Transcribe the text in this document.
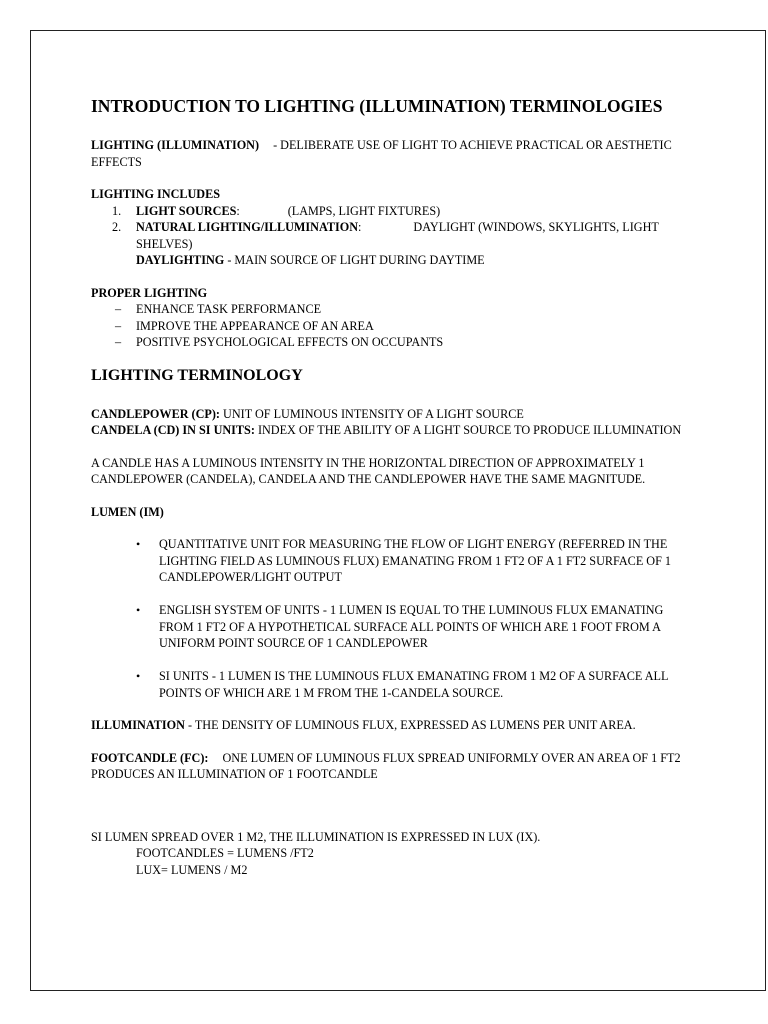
INTRODUCTION TO LIGHTING (ILLUMINATION) TERMINOLOGIES

LIGHTING (ILLUMINATION) - DELIBERATE USE OF LIGHT TO ACHIEVE PRACTICAL OR AESTHETIC EFFECTS

LIGHTING INCLUDES

1. LIGHT SOURCES:	(LAMPS, LIGHT FIXTURES)
2. NATURAL LIGHTING/ILLUMINATION:	DAYLIGHT (WINDOWS, SKYLIGHTS, LIGHT SHELVES)

DAYLIGHTING - MAIN SOURCE OF LIGHT DURING DAYTIME

PROPER LIGHTING

– ENHANCE TASK PERFORMANCE
– IMPROVE THE APPEARANCE OF AN AREA
– POSITIVE PSYCHOLOGICAL EFFECTS ON OCCUPANTS
LIGHTING TERMINOLOGY

CANDLEPOWER (CP): UNIT OF LUMINOUS INTENSITY OF A LIGHT SOURCE

CANDELA (CD) IN SI UNITS: INDEX OF THE ABILITY OF A LIGHT SOURCE TO PRODUCE ILLUMINATION

A CANDLE HAS A LUMINOUS INTENSITY IN THE HORIZONTAL DIRECTION OF APPROXIMATELY 1 CANDLEPOWER (CANDELA), CANDELA AND THE CANDLEPOWER HAVE THE SAME MAGNITUDE.

LUMEN (IM)

• QUANTITATIVE UNIT FOR MEASURING THE FLOW OF LIGHT ENERGY (REFERRED IN THE LIGHTING FIELD AS LUMINOUS FLUX) EMANATING FROM 1 FT2 OF A 1 FT2 SURFACE OF 1 CANDLEPOWER/LIGHT OUTPUT
• ENGLISH SYSTEM OF UNITS - 1 LUMEN IS EQUAL TO THE LUMINOUS FLUX EMANATING FROM 1 FT2 OF A HYPOTHETICAL SURFACE ALL POINTS OF WHICH ARE 1 FOOT FROM A UNIFORM POINT SOURCE OF 1 CANDLEPOWER
• SI UNITS - 1 LUMEN IS THE LUMINOUS FLUX EMANATING FROM 1 M2 OF A SURFACE ALL POINTS OF WHICH ARE 1 M FROM THE 1-CANDELA SOURCE.

ILLUMINATION - THE DENSITY OF LUMINOUS FLUX, EXPRESSED AS LUMENS PER UNIT AREA.

FOOTCANDLE (FC): ONE LUMEN OF LUMINOUS FLUX SPREAD UNIFORMLY OVER AN AREA OF 1 FT2 PRODUCES AN ILLUMINATION OF 1 FOOTCANDLE

SI LUMEN SPREAD OVER 1 M2, THE ILLUMINATION IS EXPRESSED IN LUX (IX).

FOOTCANDLES = LUMENS /FT2

LUX= LUMENS / M2
